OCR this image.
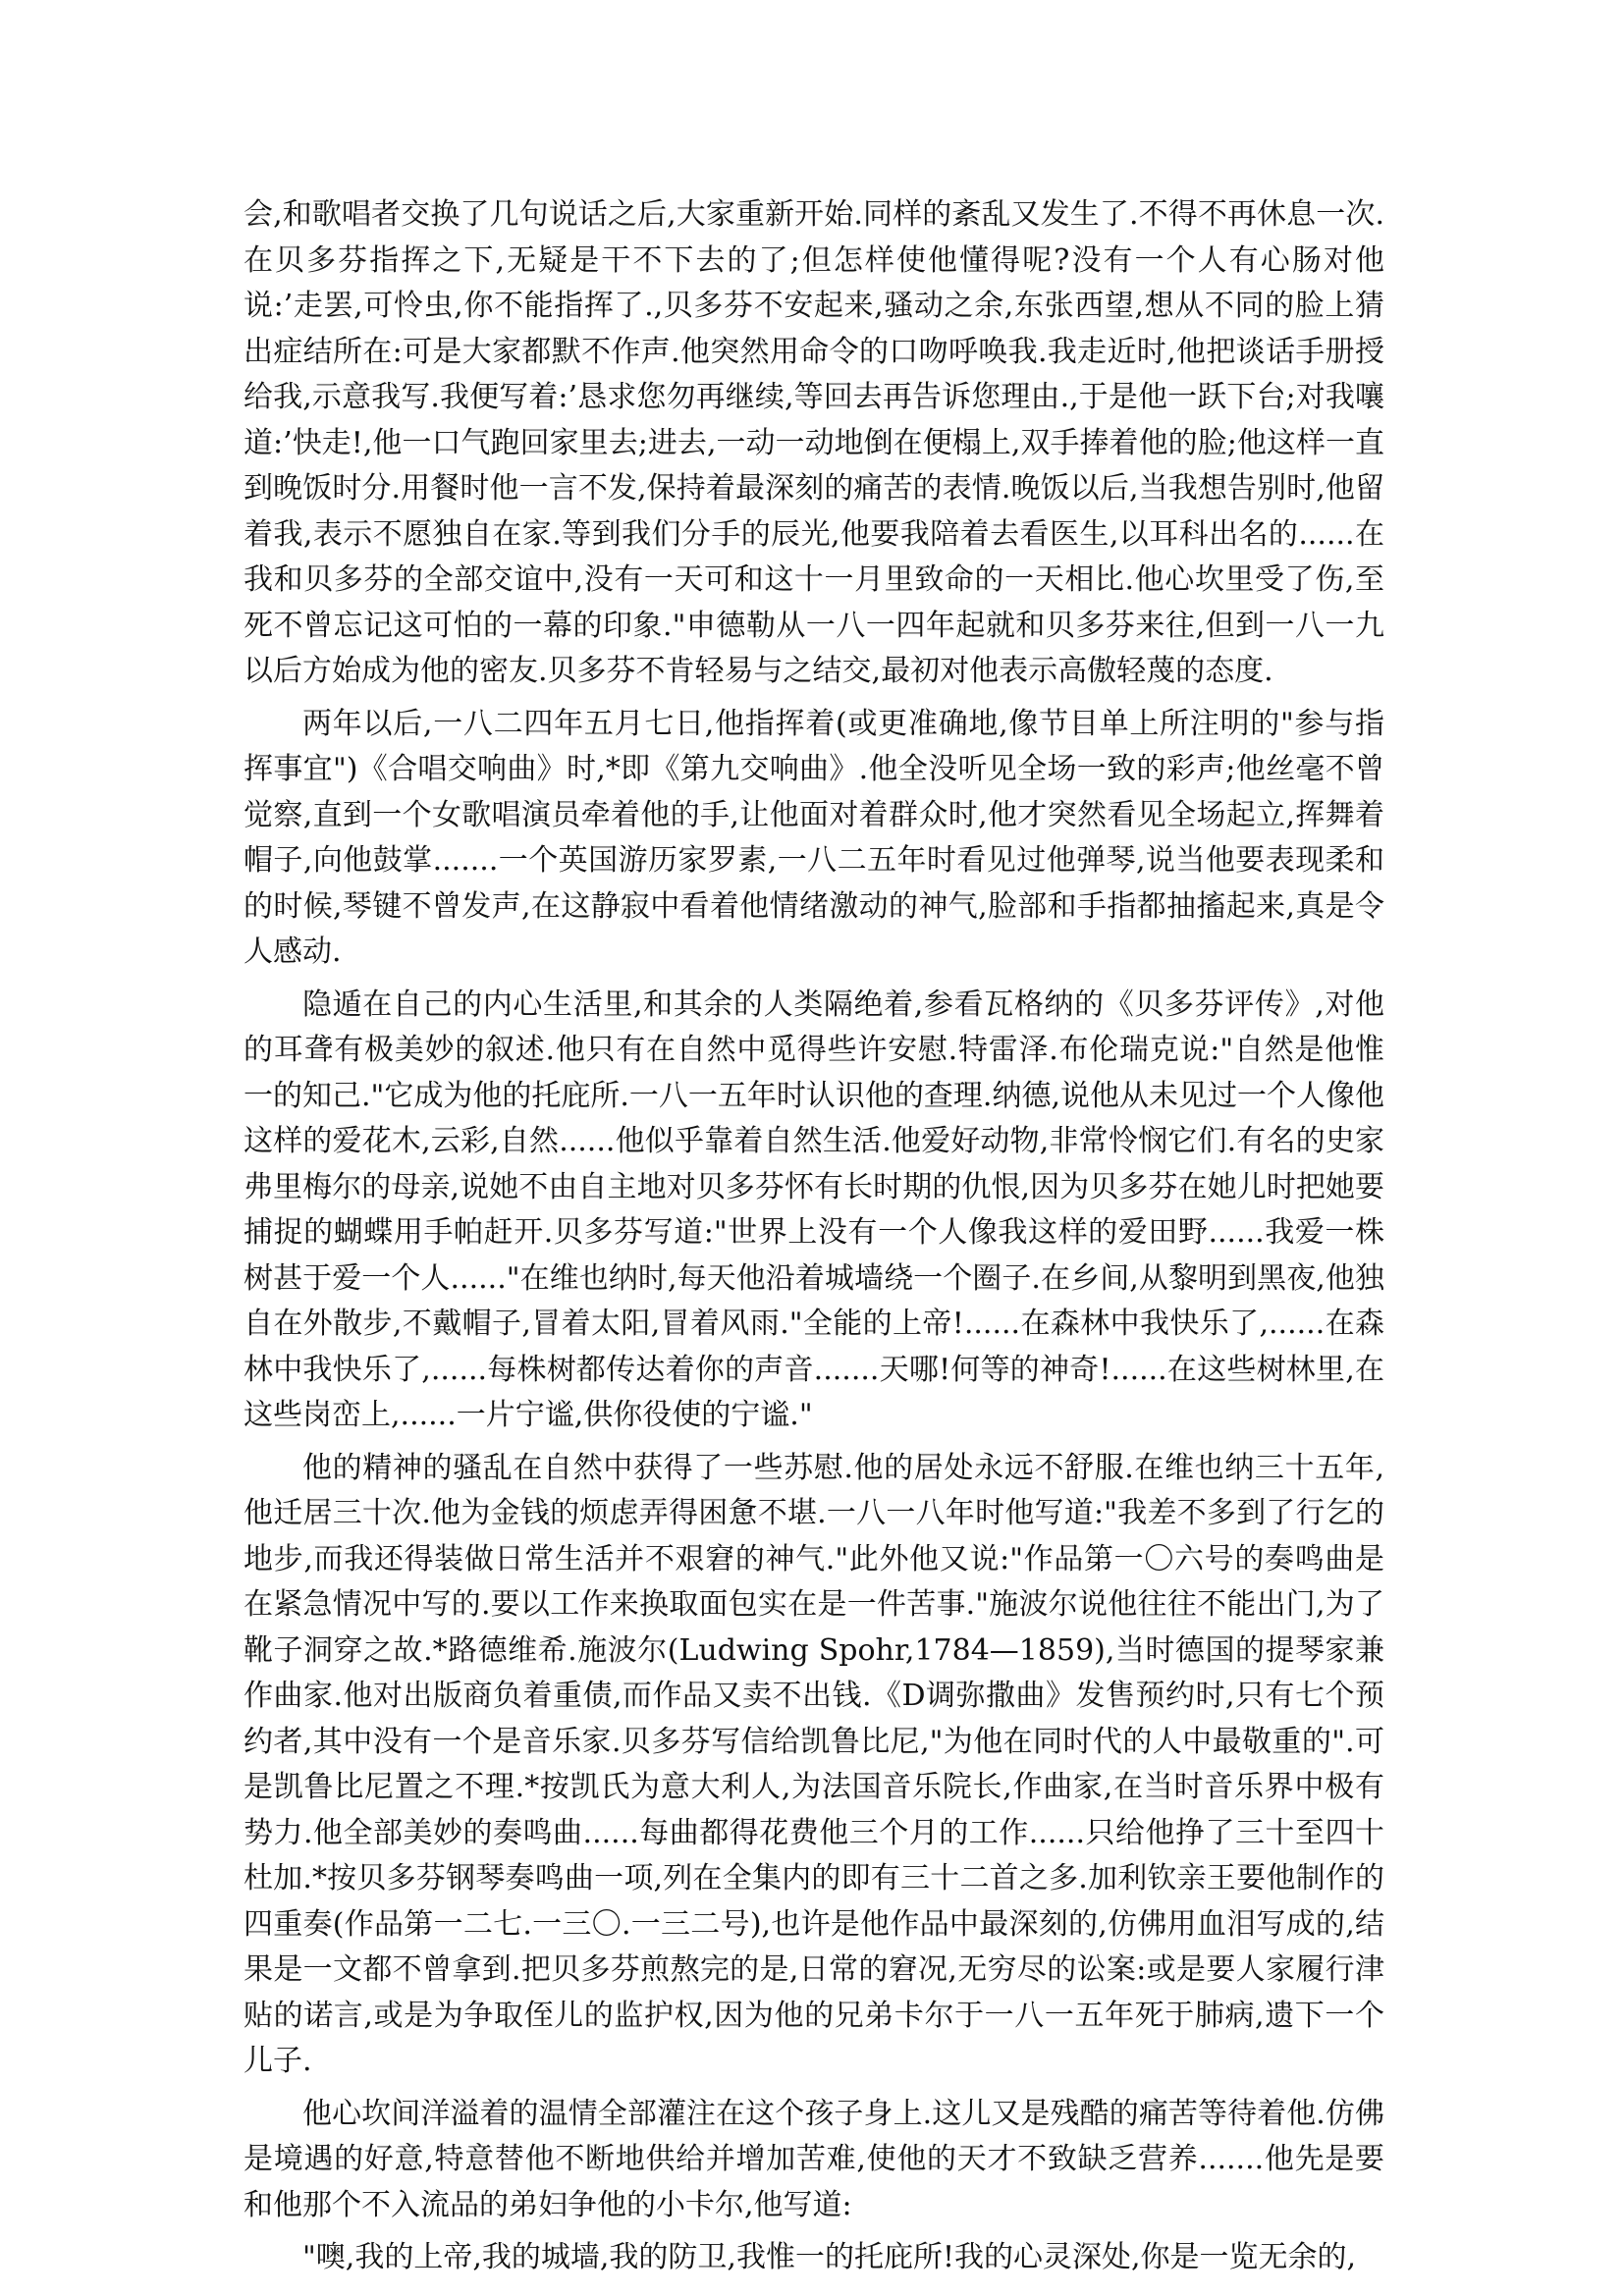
会,和歌唱者交换了几句说话之后,大家重新开始.同样的紊乱又发生了.不得不再休息一次.在贝多芬指挥之下,无疑是干不下去的了;但怎样使他懂得呢?没有一个人有心肠对他说:’走罢,可怜虫,你不能指挥了.,贝多芬不安起来,骚动之余,东张西望,想从不同的脸上猜出症结所在:可是大家都默不作声.他突然用命令的口吻呼唤我.我走近时,他把谈话手册授给我,示意我写.我便写着:’恳求您勿再继续,等回去再告诉您理由.,于是他一跃下台;对我嚷道:’快走!,他一口气跑回家里去;进去,一动一动地倒在便榻上,双手捧着他的脸;他这样一直到晚饭时分.用餐时他一言不发,保持着最深刻的痛苦的表情.晚饭以后,当我想告别时,他留着我,表示不愿独自在家.等到我们分手的辰光,他要我陪着去看医生,以耳科出名的......在我和贝多芬的全部交谊中,没有一天可和这十一月里致命的一天相比.他心坎里受了伤,至死不曾忘记这可怕的一幕的印象."申德勒从一八一四年起就和贝多芬来往,但到一八一九以后方始成为他的密友.贝多芬不肯轻易与之结交,最初对他表示高傲轻蔑的态度.

两年以后,一八二四年五月七日,他指挥着(或更准确地,像节目单上所注明的"参与指挥事宜")《合唱交响曲》时,*即《第九交响曲》.他全没听见全场一致的彩声;他丝毫不曾觉察,直到一个女歌唱演员牵着他的手,让他面对着群众时,他才突然看见全场起立,挥舞着帽子,向他鼓掌.......一个英国游历家罗素,一八二五年时看见过他弹琴,说当他要表现柔和的时候,琴键不曾发声,在这静寂中看着他情绪激动的神气,脸部和手指都抽搐起来,真是令人感动.

隐遁在自己的内心生活里,和其余的人类隔绝着,参看瓦格纳的《贝多芬评传》,对他的耳聋有极美妙的叙述.他只有在自然中觅得些许安慰.特雷泽.布伦瑞克说:"自然是他惟一的知己."它成为他的托庇所.一八一五年时认识他的查理.纳德,说他从未见过一个人像他这样的爱花木,云彩,自然......他似乎靠着自然生活.他爱好动物,非常怜悯它们.有名的史家弗里梅尔的母亲,说她不由自主地对贝多芬怀有长时期的仇恨,因为贝多芬在她儿时把她要捕捉的蝴蝶用手帕赶开.贝多芬写道:"世界上没有一个人像我这样的爱田野......我爱一株树甚于爱一个人......"在维也纳时,每天他沿着城墙绕一个圈子.在乡间,从黎明到黑夜,他独自在外散步,不戴帽子,冒着太阳,冒着风雨."全能的上帝!......在森林中我快乐了,......在森林中我快乐了,......每株树都传达着你的声音.......天哪!何等的神奇!......在这些树林里,在这些岗峦上,......一片宁谧,供你役使的宁谧."

他的精神的骚乱在自然中获得了一些苏慰.他的居处永远不舒服.在维也纳三十五年,他迁居三十次.他为金钱的烦虑弄得困惫不堪.一八一八年时他写道:"我差不多到了行乞的地步,而我还得装做日常生活并不艰窘的神气."此外他又说:"作品第一〇六号的奏鸣曲是在紧急情况中写的.要以工作来换取面包实在是一件苦事."施波尔说他往往不能出门,为了靴子洞穿之故.*路德维希.施波尔(Ludwing Spohr,1784—1859),当时德国的提琴家兼作曲家.他对出版商负着重债,而作品又卖不出钱.《D调弥撒曲》发售预约时,只有七个预约者,其中没有一个是音乐家.贝多芬写信给凯鲁比尼,"为他在同时代的人中最敬重的".可是凯鲁比尼置之不理.*按凯氏为意大利人,为法国音乐院长,作曲家,在当时音乐界中极有势力.他全部美妙的奏鸣曲......每曲都得花费他三个月的工作......只给他挣了三十至四十杜加.*按贝多芬钢琴奏鸣曲一项,列在全集内的即有三十二首之多.加利钦亲王要他制作的四重奏(作品第一二七.一三〇.一三二号),也许是他作品中最深刻的,仿佛用血泪写成的,结果是一文都不曾拿到.把贝多芬煎熬完的是,日常的窘况,无穷尽的讼案:或是要人家履行津贴的诺言,或是为争取侄儿的监护权,因为他的兄弟卡尔于一八一五年死于肺病,遗下一个儿子.

他心坎间洋溢着的温情全部灌注在这个孩子身上.这儿又是残酷的痛苦等待着他.仿佛是境遇的好意,特意替他不断地供给并增加苦难,使他的天才不致缺乏营养.......他先是要和他那个不入流品的弟妇争他的小卡尔,他写道:

"噢,我的上帝,我的城墙,我的防卫,我惟一的托庇所!我的心灵深处,你是一览无余的,
